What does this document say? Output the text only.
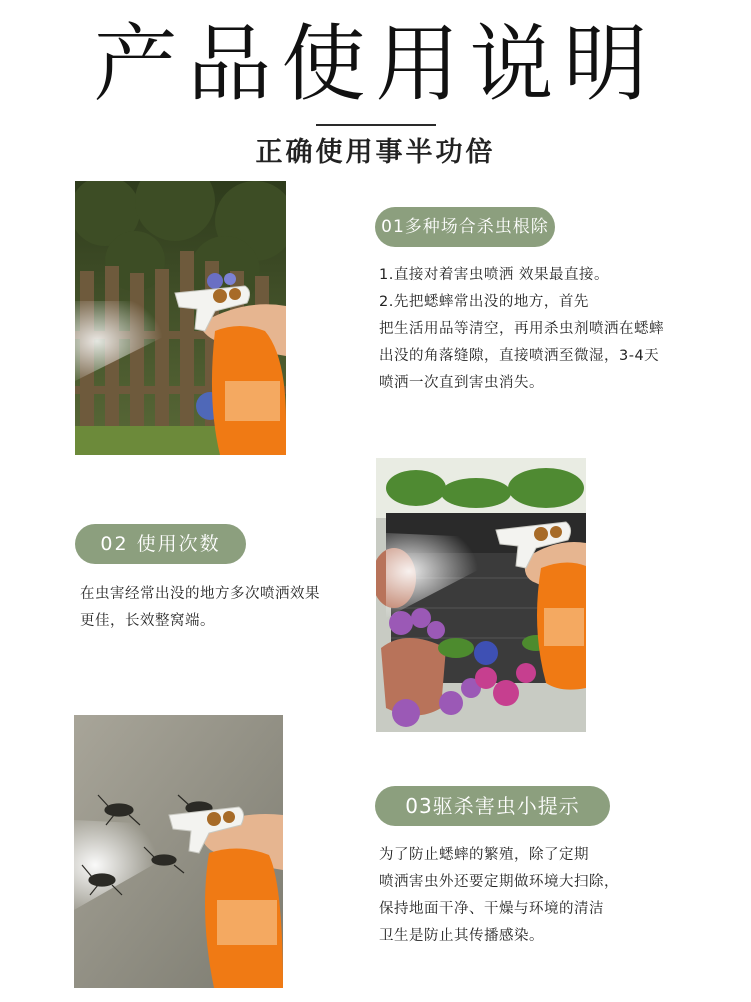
产品使用说明
正确使用事半功倍
01多种场合杀虫根除

1.直接对着害虫喷洒 效果最直接。

2.先把蟋蟀常出没的地方，首先

把生活用品等清空，再用杀虫剂喷洒在蟋蟀

出没的角落缝隙，直接喷洒至微湿，3-4天

喷洒一次直到害虫消失。

02 使用次数

在虫害经常出没的地方多次喷洒效果

更佳，长效整窝端。

03驱杀害虫小提示

为了防止蟋蟀的繁殖，除了定期

喷洒害虫外还要定期做环境大扫除，

保持地面干净、干燥与环境的清洁

卫生是防止其传播感染。
